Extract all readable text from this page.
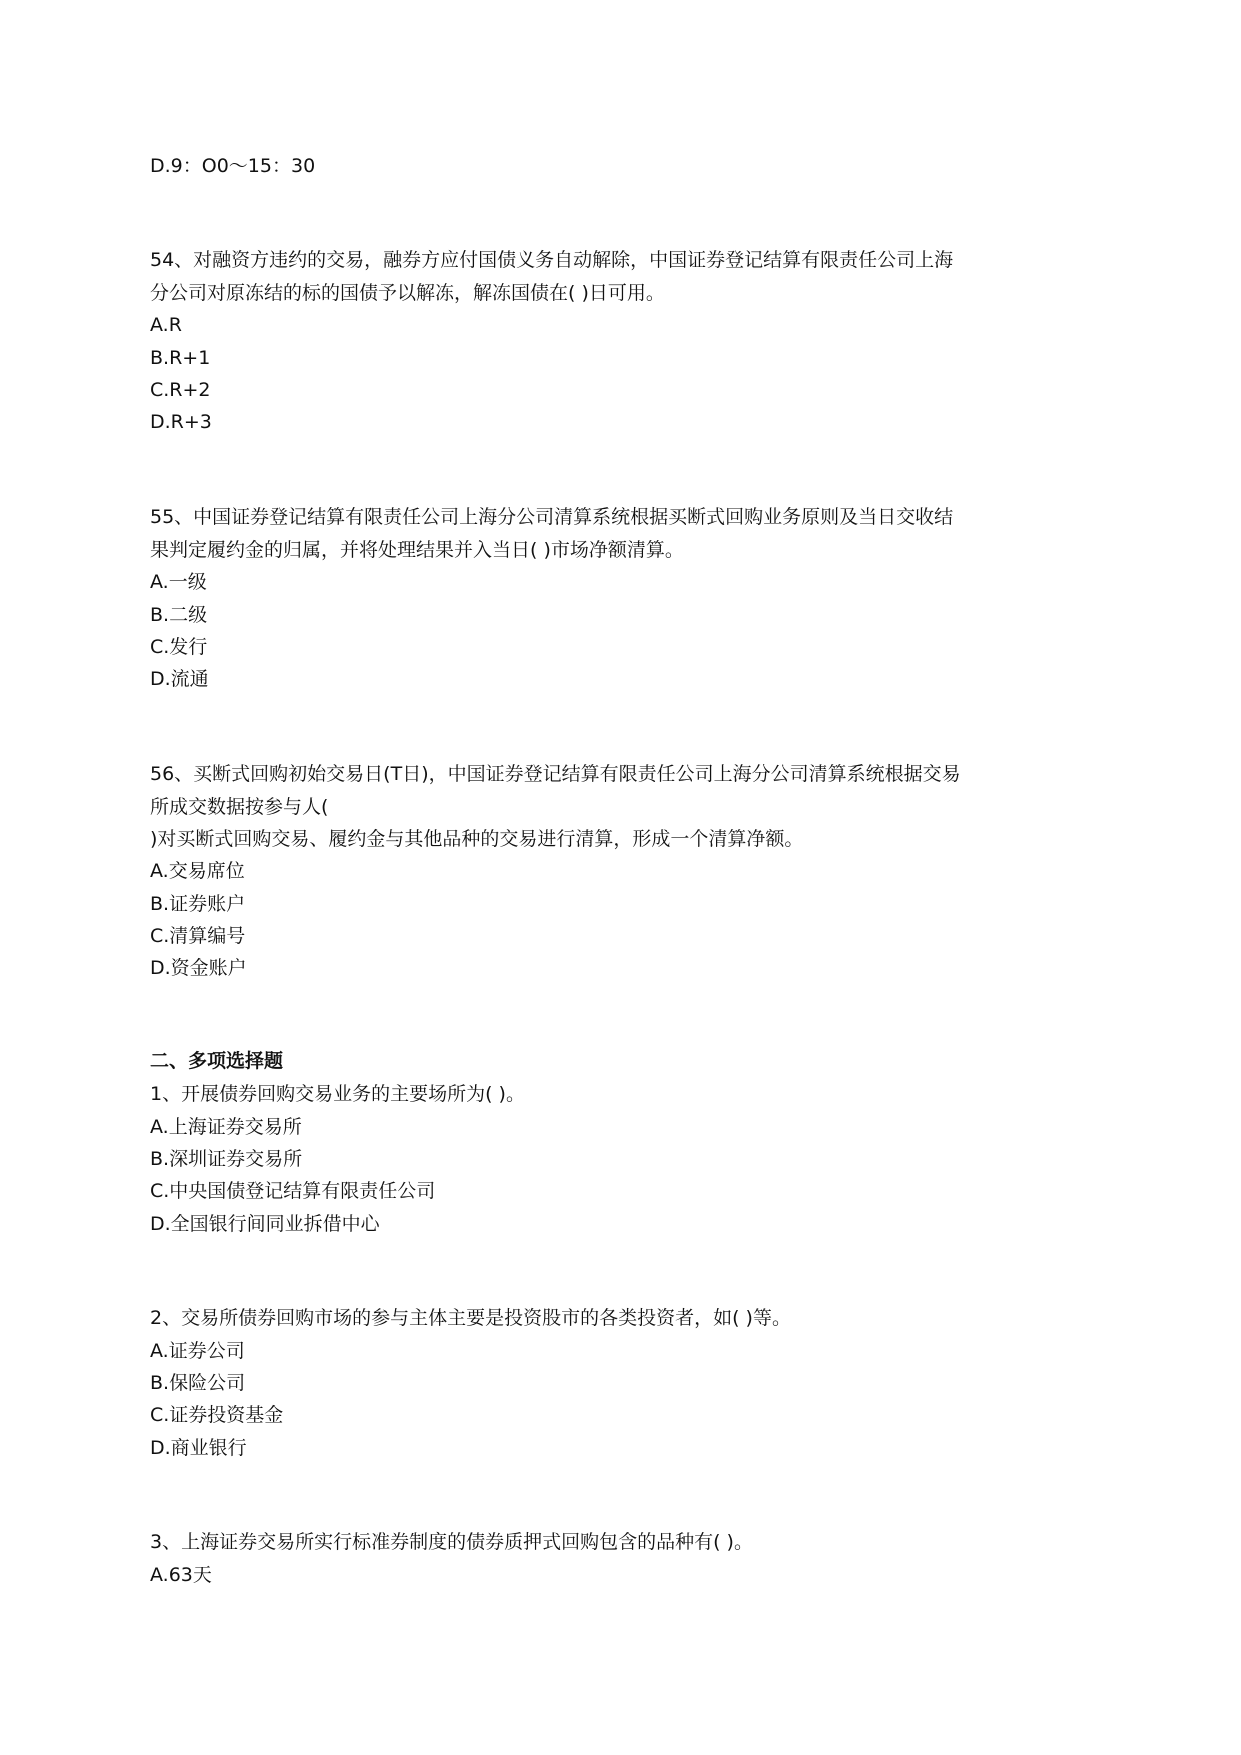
D.9：O0～15：30
54、对融资方违约的交易，融券方应付国债义务自动解除，中国证券登记结算有限责任公司上海
分公司对原冻结的标的国债予以解冻，解冻国债在( )日可用。
A.R
B.R+1
C.R+2
D.R+3
55、中国证券登记结算有限责任公司上海分公司清算系统根据买断式回购业务原则及当日交收结
果判定履约金的归属，并将处理结果并入当日( )市场净额清算。
A.一级
B.二级
C.发行
D.流通
56、买断式回购初始交易日(T日)，中国证券登记结算有限责任公司上海分公司清算系统根据交易
所成交数据按参与人(
)对买断式回购交易、履约金与其他品种的交易进行清算，形成一个清算净额。
A.交易席位
B.证券账户
C.清算编号
D.资金账户
二、多项选择题
1、开展债券回购交易业务的主要场所为( )。
A.上海证券交易所
B.深圳证券交易所
C.中央国债登记结算有限责任公司
D.全国银行间同业拆借中心
2、交易所债券回购市场的参与主体主要是投资股市的各类投资者，如( )等。
A.证券公司
B.保险公司
C.证券投资基金
D.商业银行
3、上海证券交易所实行标准券制度的债券质押式回购包含的品种有( )。
A.63天
